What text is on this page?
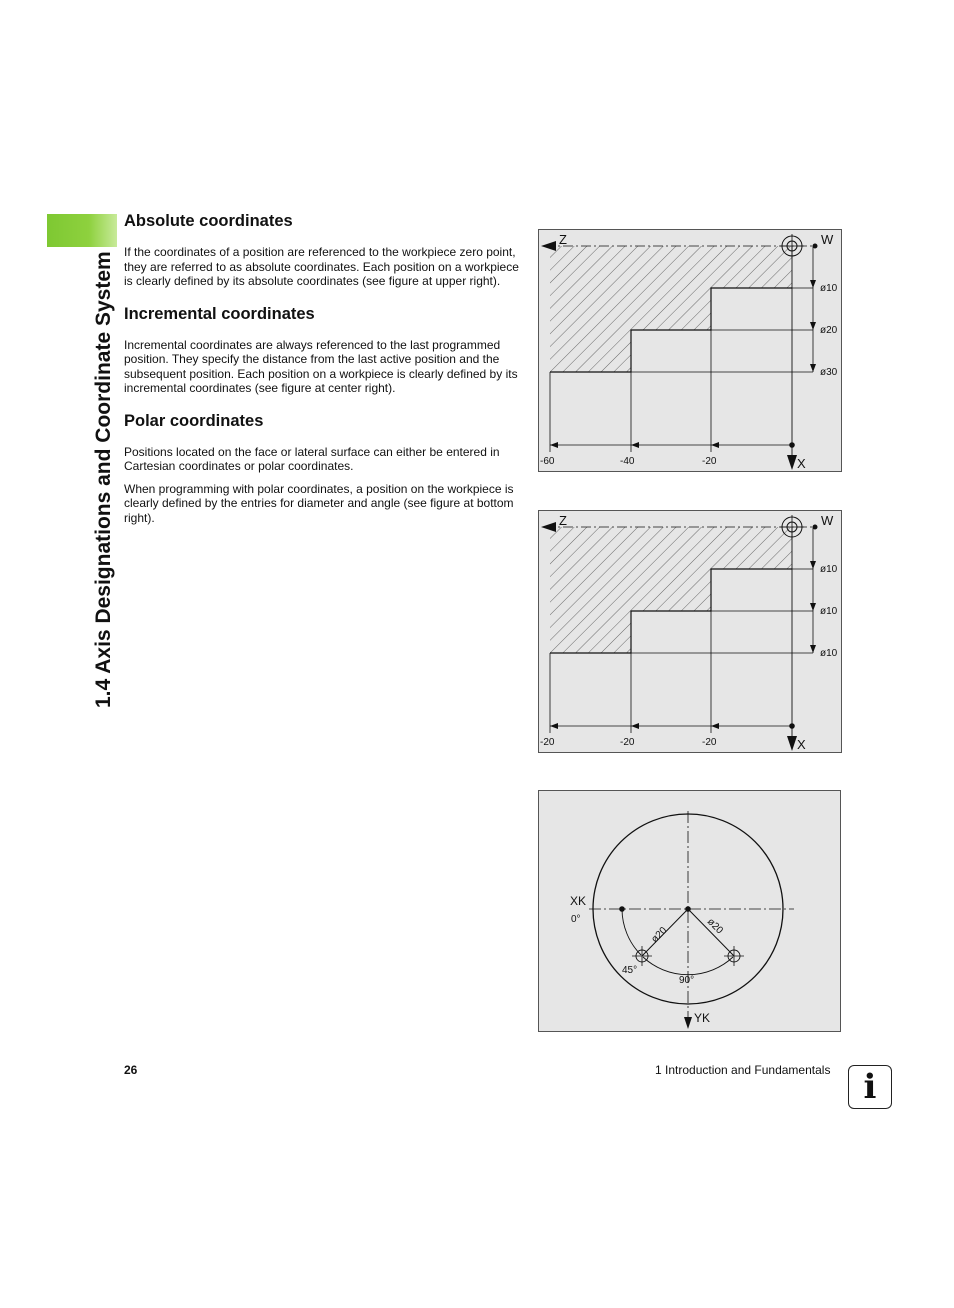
1.4 Axis Designations and Coordinate System
Absolute coordinates

If the coordinates of a position are referenced to the workpiece zero point, they are referred to as absolute coordinates. Each position on a workpiece is clearly defined by its absolute coordinates (see figure at upper right).

Incremental coordinates

Incremental coordinates are always referenced to the last programmed position. They specify the distance from the last active position and the subsequent position. Each position on a workpiece is clearly defined by its incremental coordinates (see figure at center right).

Polar coordinates

Positions located on the face or lateral surface can either be entered in Cartesian coordinates or polar coordinates.

When programming with polar coordinates, a position on the workpiece is clearly defined by the entries for diameter and angle (see figure at bottom right).

Z	W
X
ø10
ø20
ø30
-60	-40	-20
Z	W
X
ø10
ø10
ø10
-20	-20	-20
XK
0°
45°
90°
YK
ø20	ø20
26	1 Introduction and Fundamentals i
